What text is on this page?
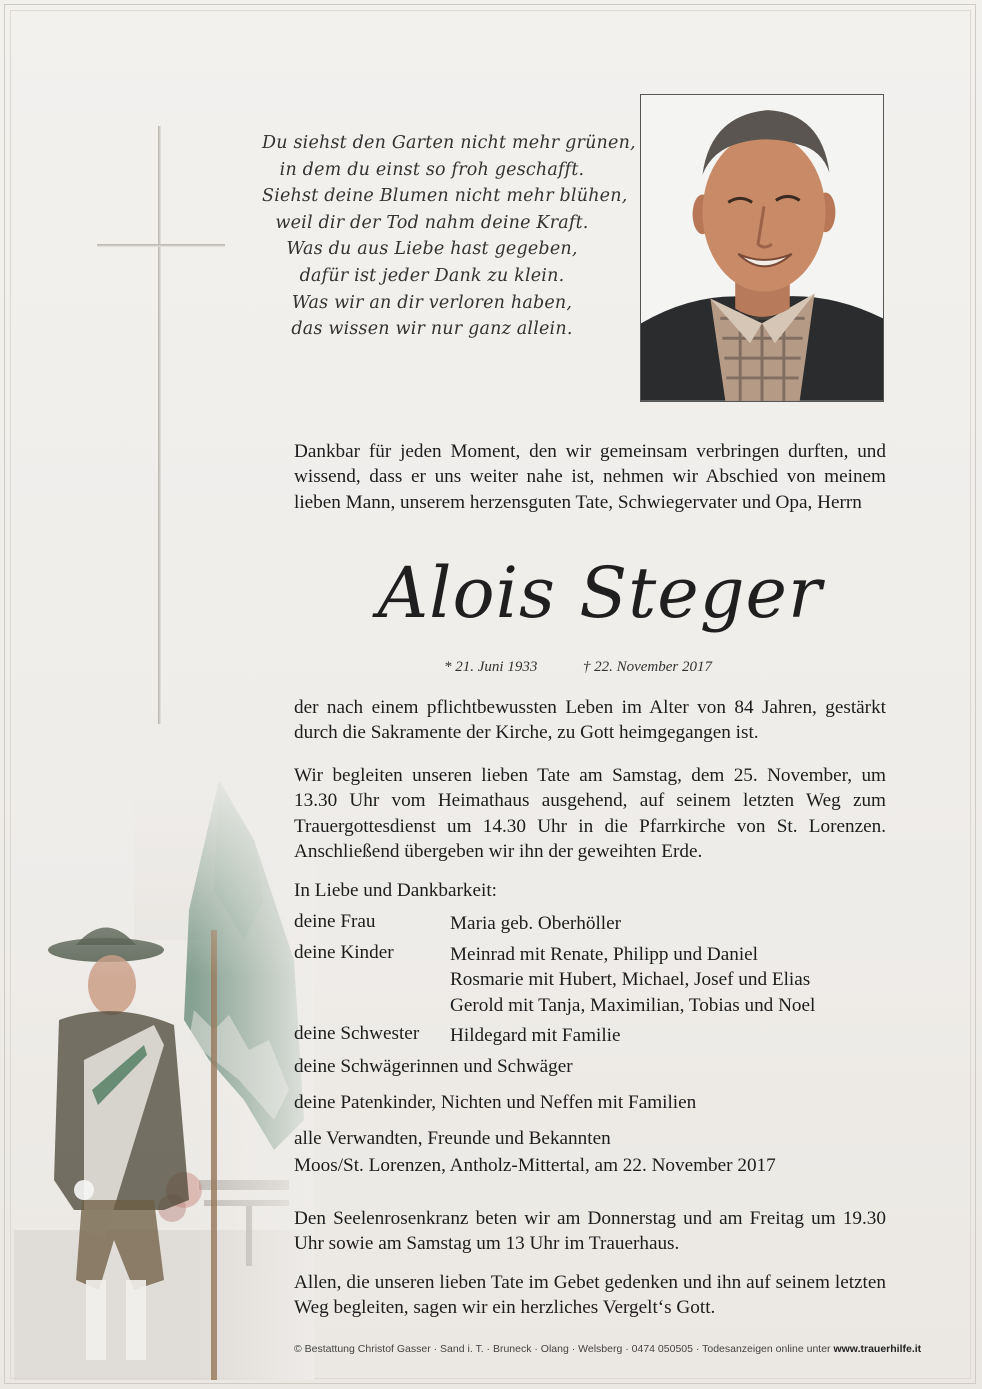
Du siehst den Garten nicht mehr grünen,
in dem du einst so froh geschafft.
Siehst deine Blumen nicht mehr blühen,
weil dir der Tod nahm deine Kraft.
Was du aus Liebe hast gegeben,
dafür ist jeder Dank zu klein.
Was wir an dir verloren haben,
das wissen wir nur ganz allein.
Dankbar für jeden Moment, den wir gemeinsam verbringen durften, und wissend, dass er uns weiter nahe ist, nehmen wir Abschied von meinem lieben Mann, unserem herzensguten Tate, Schwiegervater und Opa, Herrn
Alois Steger
* 21. Juni 1933	† 22. November 2017
der nach einem pflichtbewussten Leben im Alter von 84 Jahren, gestärkt durch die Sakramente der Kirche, zu Gott heimgegangen ist.
Wir begleiten unseren lieben Tate am Samstag, dem 25. November, um 13.30 Uhr vom Heimathaus ausgehend, auf seinem letzten Weg zum Trauergottesdienst um 14.30 Uhr in die Pfarrkirche von St. Lorenzen. Anschließend übergeben wir ihn der geweihten Erde.
In Liebe und Dankbarkeit:
deine Frau	Maria geb. Oberhöller
deine Kinder	Meinrad mit Renate, Philipp und Daniel
Rosmarie mit Hubert, Michael, Josef und Elias
Gerold mit Tanja, Maximilian, Tobias und Noel
deine Schwester	Hildegard mit Familie
deine Schwägerinnen und Schwäger
deine Patenkinder, Nichten und Neffen mit Familien
alle Verwandten, Freunde und Bekannten
Moos/St. Lorenzen, Antholz-Mittertal, am 22. November 2017
Den Seelenrosenkranz beten wir am Donnerstag und am Freitag um 19.30 Uhr sowie am Samstag um 13 Uhr im Trauerhaus.
Allen, die unseren lieben Tate im Gebet gedenken und ihn auf seinem letzten Weg begleiten, sagen wir ein herzliches Vergelt‘s Gott.
© Bestattung Christof Gasser · Sand i. T. · Bruneck · Olang · Welsberg · 0474 050505 · Todesanzeigen online unter www.trauerhilfe.it
